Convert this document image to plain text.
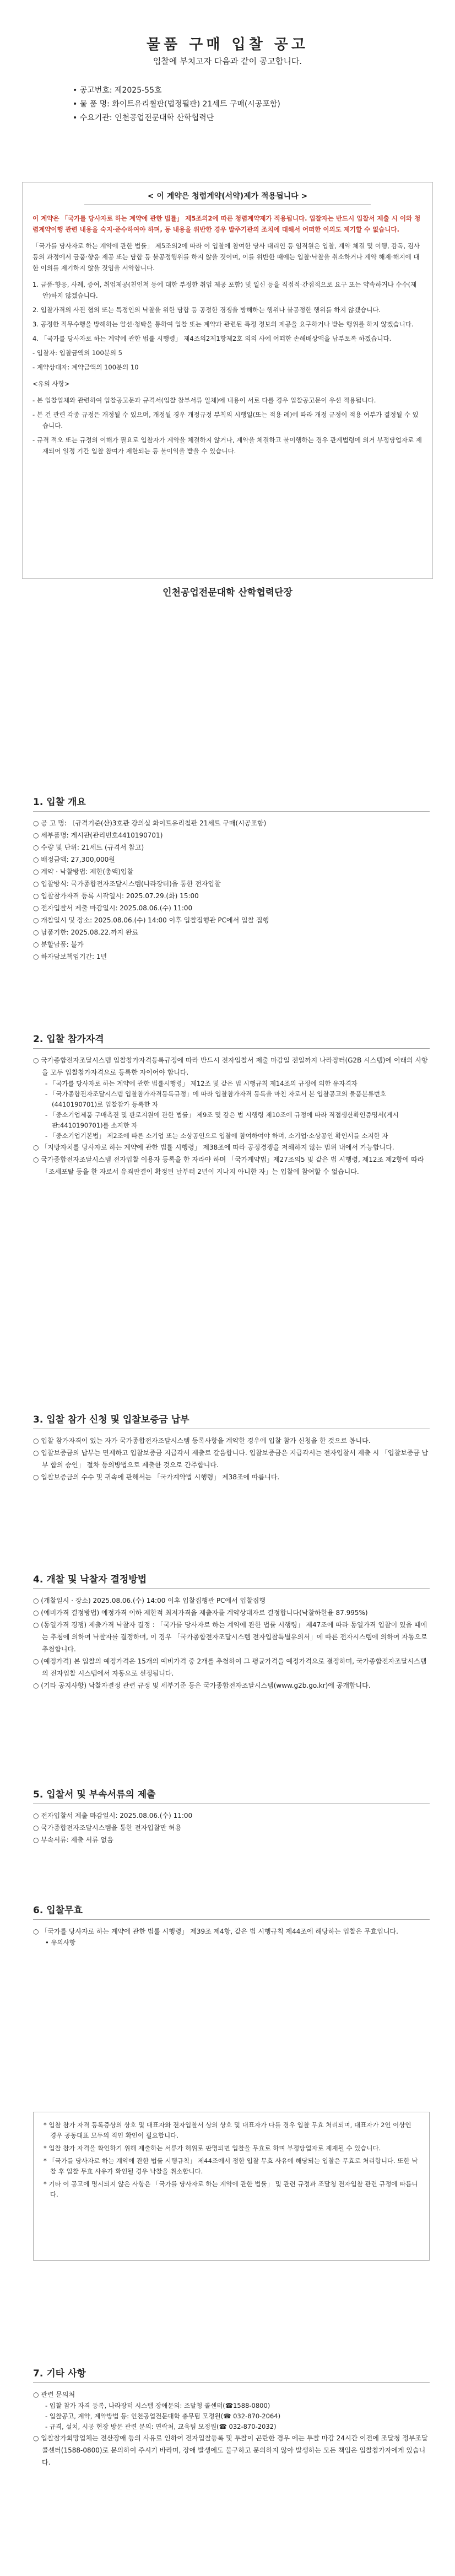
물품 구매 입찰 공고
입찰에 부치고자 다음과 같이 공고합니다.
• 공고번호: 제2025-55호
• 물 품 명: 화이트유리휠판(법정필판) 21세트 구매(시공포함)
• 수요기관: 인천공업전문대학 산학협력단
< 이 계약은 청렴계약(서약)제가 적용됩니다 >

이 계약은 「국가를 당사자로 하는 계약에 관한 법률」 제5조의2에 따른 청렴계약제가 적용됩니다. 입찰자는 반드시 입찰서 제출 시 이와 청렴계약이행 관련 내용을 숙지·준수하여야 하며, 동 내용을 위반한 경우 발주기관의 조치에 대해서 어떠한 이의도 제기할 수 없습니다.

「국가를 당사자로 하는 계약에 관한 법률」 제5조의2에 따라 이 입찰에 참여한 당사 대리인 등 임직원은 입찰, 계약 체결 및 이행, 감독, 검사 등의 과정에서 금품·향응 제공 또는 담합 등 불공정행위를 하지 않을 것이며, 이를 위반한 때에는 입찰·낙찰을 취소하거나 계약 해제·해지에 대한 이의를 제기하지 않을 것임을 서약합니다.

1. 금품·향응, 사례, 증여, 취업제공(친인척 등에 대한 부정한 취업 제공 포함) 및 일신 등을 직접적·간접적으로 요구 또는 약속하거나 수수(제안)하지 않겠습니다.
2. 입찰가격의 사전 협의 또는 특정인의 낙찰을 위한 담합 등 공정한 경쟁을 방해하는 행위나 불공정한 행위를 하지 않겠습니다.
3. 공정한 직무수행을 방해하는 알선·청탁을 통하여 입찰 또는 계약과 관련된 특정 정보의 제공을 요구하거나 받는 행위를 하지 않겠습니다.
4. 「국가를 당사자로 하는 계약에 관한 법률 시행령」 제4조의2제1항제2호 외의 사에 어떠한 손해배상액을 납부토록 하겠습니다.
- 입찰자: 입찰금액의 100분의 5
- 계약상대자: 계약금액의 100분의 10

<유의 사항>

- 본 입찰업체와 관련하여 입찰공고문과 규격서(입찰 참부서류 일체)에 내용이 서로 다를 경우 입찰공고문이 우선 적용됩니다.
- 본 건 관련 각종 규정은 개정될 수 있으며, 개정될 경우 개정규정 부칙의 시행일(또는 적용 례)에 따라 개정 규정이 적용 여부가 결정될 수 있습니다.
- 규격 적오 또는 규정의 이해가 필요로 입찰자가 계약을 체결하지 않거나, 계약을 체결하고 불이행하는 경우 관계법령에 의거 부정당업자로 제재되어 일정 기간 입찰 참여가 제한되는 등 불이익을 받을 수 있습니다.
인천공업전문대학 산학협력단장
1. 입찰 개요
○ 공 고 명: 〔규격기준(산)3호관 강의실 화이트유리칠판 21세트 구매(시공포함)
○ 세부품명: 게시판(관리번호4410190701)
○ 수량 및 단위: 21세트 (규격서 참고)
○ 배정금액: 27,300,000원
○ 계약 · 낙찰방법: 제한(총액)입찰
○ 입찰방식: 국가종합전자조달시스템(나라장터)을 통한 전자입찰
○ 입찰참가자격 등록 시작일시: 2025.07.29.(화) 15:00
○ 전자입찰서 제출 마감일시: 2025.08.06.(수) 11:00
○ 개찰일시 및 장소: 2025.08.06.(수) 14:00 이후 입찰집행관 PC에서 입찰 집행
○ 납품기한: 2025.08.22.까지 완료
○ 분할납품: 불가
○ 하자담보책임기간: 1년
2. 입찰 참가자격
○ 국가종합전자조달시스템 입찰참가자격등록규정에 따라 반드시 전자입찰서 제출 마감일 전일까지 나라장터(G2B 시스템)에 이래의 사항을 모두 입찰참가자격으로 등록한 자이어야 합니다.
- 「국가를 당사자로 하는 계약에 관한 법률시행령」 제12조 및 같은 법 시행규칙 제14조의 규정에 의한 유자격자
- 「국가종합전자조달시스템 입찰참가자격등록규정」에 따라 입찰참가자격 등록을 마친 자로서 본 입찰공고의 물품분류번호(4410190701)로 입찰참가 등록한 자
- 「중소기업제품 구매촉진 및 판로지원에 관한 법률」 제9조 및 같은 법 시행령 제10조에 규정에 따라 직접생산확인증명서(게시판:4410190701)를 소지한 자
- 「중소기업기본법」 제2조에 따른 소기업 또는 소상공인으로 입찰에 참여하여야 하며, 소기업·소상공인 확인서를 소지한 자
○ 「지방자치를 당사자로 하는 계약에 관한 법률 시행령」 제38조에 따라 공정경쟁을 저해하지 않는 범위 내에서 가능합니다.
○ 국가종합전자조달시스템 전자입찰 이용자 등록을 한 자라야 하며 「국가계약법」제27조의5 및 같은 법 시행령, 제12조 제2항에 따라 「조세포탈 등을 한 자로서 유죄판결이 확정된 날부터 2년이 지나지 아니한 자」는 입찰에 참여할 수 없습니다.
3. 입찰 참가 신청 및 입찰보증금 납부
○ 입찰 참가자격이 있는 자가 국가종합전자조달시스템 등록사항을 계약한 경우에 입찰 참가 신청을 한 것으로 봅니다.
○ 입찰보증금의 납부는 면제하고 입찰보증금 지급각서 제출로 갈음합니다. 입찰보증금은 지급각서는 전자입찰서 제출 시 「입찰보증금 납부 합의 승인」 절차 등의방법으로 제출한 것으로 간주합니다.
○ 입찰보증금의 수수 및 귀속에 관해서는 「국가계약법 시행령」 제38조에 따릅니다.
4. 개찰 및 낙찰자 결정방법
○ (개찰일시 · 장소) 2025.08.06.(수) 14:00 이후 입찰집행관 PC에서 입찰집행
○ (예비가격 결정방법) 예정가격 이하 제한적 최저가격을 제출자를 계약상대자로 결정합니다(낙찰하한율 87.995%)
○ (동일가격 경쟁) 제출가격 낙찰자 결정 : 「국가를 당사자로 하는 계약에 관한 법률 시행령」 제47조에 따라 동일가격 입찰이 있을 때에는 추첨에 의하여 낙찰자를 결정하며, 이 경우 「국가종합전자조달시스템 전자입찰특별유의서」에 따른 전자시스템에 의하여 자동으로 추첨합니다.
○ (예정가격) 본 입찰의 예정가격은 15개의 예비가격 중 2개를 추첨하여 그 평균가격을 예정가격으로 결정하며, 국가종합전자조달시스템의 전자입찰 시스템에서 자동으로 선정됩니다.
○ (기타 공지사항) 낙찰자결정 관련 규정 및 세부기준 등은 국가종합전자조달시스템(www.g2b.go.kr)에 공개합니다.
5. 입찰서 및 부속서류의 제출
○ 전자입찰서 제출 마감일시: 2025.08.06.(수) 11:00
○ 국가종합전자조달시스템을 통한 전자입찰만 허용
○ 부속서류: 제출 서류 없음
6. 입찰무효
○ 「국가를 당사자로 하는 계약에 관한 법률 시행령」 제39조 제4항, 같은 법 시행규칙 제44조에 해당하는 입찰은 무효입니다.
• 유의사항
* 입찰 참가 자격 등록증상의 상호 및 대표자와 전자입찰서 상의 상호 및 대표자가 다를 경우 입찰 무효 처리되며, 대표자가 2인 이상인 경우 공동대표 모두의 직인 확인이 필요합니다.
* 입찰 참가 자격을 확인하기 위해 제출하는 서류가 허위로 판명되면 입찰을 무효로 하며 부정당업자로 제재될 수 있습니다.
* 「국가를 당사자로 하는 계약에 관한 법률 시행규칙」 제44조에서 정한 입찰 무효 사유에 해당되는 입찰은 무효로 처리합니다. 또한 낙찰 후 입찰 무효 사유가 확인될 경우 낙찰을 취소합니다.
* 기타 이 공고에 명시되지 않은 사항은 「국가를 당사자로 하는 계약에 관한 법률」 및 관련 규정과 조달청 전자입찰 관련 규정에 따릅니다.
7. 기타 사항
○ 관련 문의처
- 입찰 참가 자격 등록, 나라장터 시스템 장애문의: 조달청 콜센터(☎1588-0800)
- 입찰공고, 계약, 계약방법 등: 인천공업전문대학 총무팀 모정원(☎ 032-870-2064)
- 규격, 설치, 시공 현장 방문 관련 문의: 연락처, 교육팀 모정원(☎ 032-870-2032)
○ 입찰참가희망업체는 전산장애 등의 사유로 인하여 전자입찰등록 및 투찰이 곤란한 경우 에는 투찰 마감 24시간 이전에 조달청 정부조달 콜센터(1588-0800)로 문의하여 주시기 바라며, 장애 발생에도 불구하고 문의하지 않아 발생하는 모든 책임은 입찰참가자에게 있습니다.
